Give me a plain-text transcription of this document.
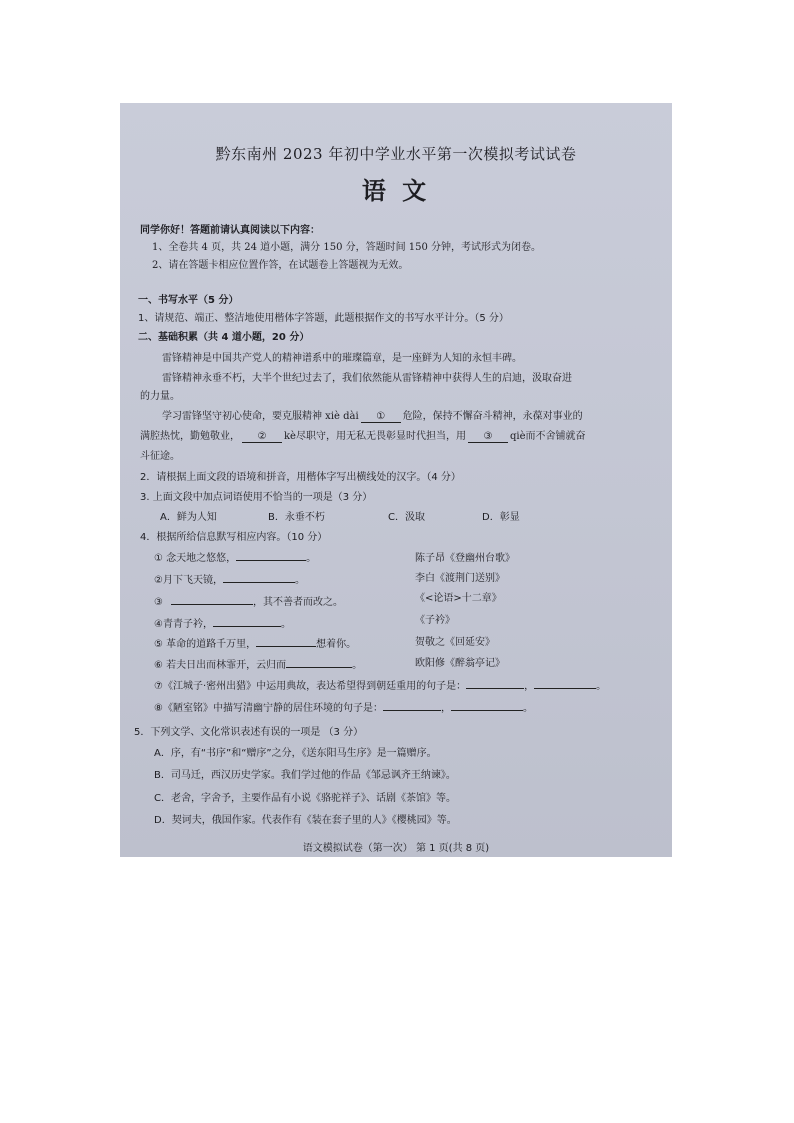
黔东南州 2023 年初中学业水平第一次模拟考试试卷
语 文
同学你好！答题前请认真阅读以下内容：
1、全卷共 4 页，共 24 道小题，满分 150 分，答题时间 150 分钟，考试形式为闭卷。
2、请在答题卡相应位置作答，在试题卷上答题视为无效。
一、书写水平（5 分）
1、请规范、端正、整洁地使用楷体字答题，此题根据作文的书写水平计分。（5 分）
二、基础积累（共 4 道小题，20 分）
雷锋精神是中国共产党人的精神谱系中的璀璨篇章，是一座鲜为人知的永恒丰碑。
雷锋精神永垂不朽，大半个世纪过去了，我们依然能从雷锋精神中获得人生的启迪，汲取奋进
的力量。
学习雷锋坚守初心使命，要克服精神 xiè dài ① 危险，保持不懈奋斗精神，永葆对事业的
满腔热忱，勤勉敬业， ② kè尽职守，用无私无畏彰显时代担当，用 ③ qiè而不舍铺就奋
斗征途。
2．请根据上面文段的语境和拼音，用楷体字写出横线处的汉字。（4 分）
3. 上面文段中加点词语使用不恰当的一项是（3 分）
A．鲜为人知	B．永垂不朽	C．汲取	D．彰显
4．根据所给信息默写相应内容。（10 分）
① 念天地之悠悠，	。	陈子昂《登幽州台歌》
②月下飞天镜，	。	李白《渡荆门送别》
③	，其不善者而改之。	《<论语>十二章》
④青青子衿，	。	《子衿》
⑤ 革命的道路千万里，	想着你。	贺敬之《回延安》
⑥ 若夫日出而林霏开，云归而	。	欧阳修《醉翁亭记》
⑦《江城子·密州出猎》中运用典故，表达希望得到朝廷重用的句子是：	，	。
⑧《陋室铭》中描写清幽宁静的居住环境的句子是：	，	。
5．下列文学、文化常识表述有误的一项是 （3 分）
A．序，有“书序”和“赠序”之分，《送东阳马生序》是一篇赠序。
B．司马迁，西汉历史学家。我们学过他的作品《邹忌讽齐王纳谏》。
C．老舍，字舍予，主要作品有小说《骆驼祥子》、话剧《茶馆》等。
D．契诃夫，俄国作家。代表作有《装在套子里的人》《樱桃园》等。
语文模拟试卷（第一次） 第 1 页(共 8 页)
